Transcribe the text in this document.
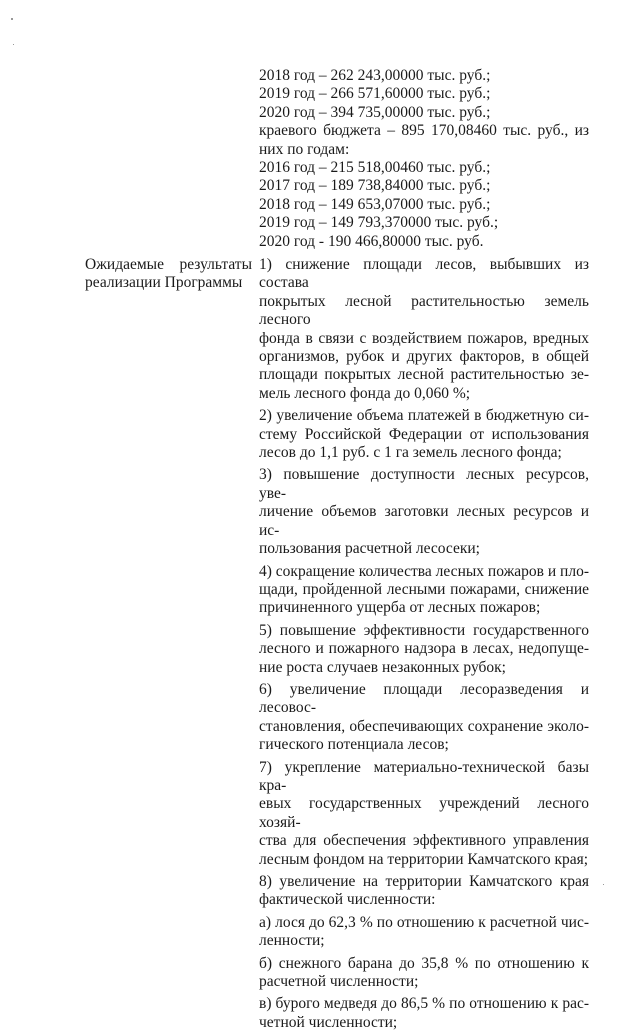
2018 год – 262 243,00000 тыс. руб.;

2019 год – 266 571,60000 тыс. руб.;

2020 год – 394 735,00000 тыс. руб.;

краевого бюджета – 895 170,08460 тыс. руб., из

них по годам:

2016 год – 215 518,00460 тыс. руб.;

2017 год – 189 738,84000 тыс. руб.;

2018 год – 149 653,07000 тыс. руб.;

2019 год – 149 793,370000 тыс. руб.;

2020 год - 190 466,80000 тыс. руб.

Ожидаемые результаты

реализации Программы

1) снижение площади лесов, выбывших из состава

покрытых лесной растительностью земель лесного

фонда в связи с воздействием пожаров, вредных

организмов, рубок и других факторов, в общей

площади покрытых лесной растительностью зе-

мель лесного фонда до 0,060 %;

2) увеличение объема платежей в бюджетную си-

стему Российской Федерации от использования

лесов до 1,1 руб. с 1 га земель лесного фонда;

3) повышение доступности лесных ресурсов, уве-

личение объемов заготовки лесных ресурсов и ис-

пользования расчетной лесосеки;

4) сокращение количества лесных пожаров и пло-

щади, пройденной лесными пожарами, снижение

причиненного ущерба от лесных пожаров;

5) повышение эффективности государственного

лесного и пожарного надзора в лесах, недопуще-

ние роста случаев незаконных рубок;

6) увеличение площади лесоразведения и лесовос-

становления, обеспечивающих сохранение эколо-

гического потенциала лесов;

7) укрепление материально-технической базы кра-

евых государственных учреждений лесного хозяй-

ства для обеспечения эффективного управления

лесным фондом на территории Камчатского края;

8) увеличение на территории Камчатского края

фактической численности:

а) лося до 62,3 % по отношению к расчетной чис-

ленности;

б) снежного барана до 35,8 % по отношению к

расчетной численности;

в) бурого медведя до 86,5 % по отношению к рас-

четной численности;
